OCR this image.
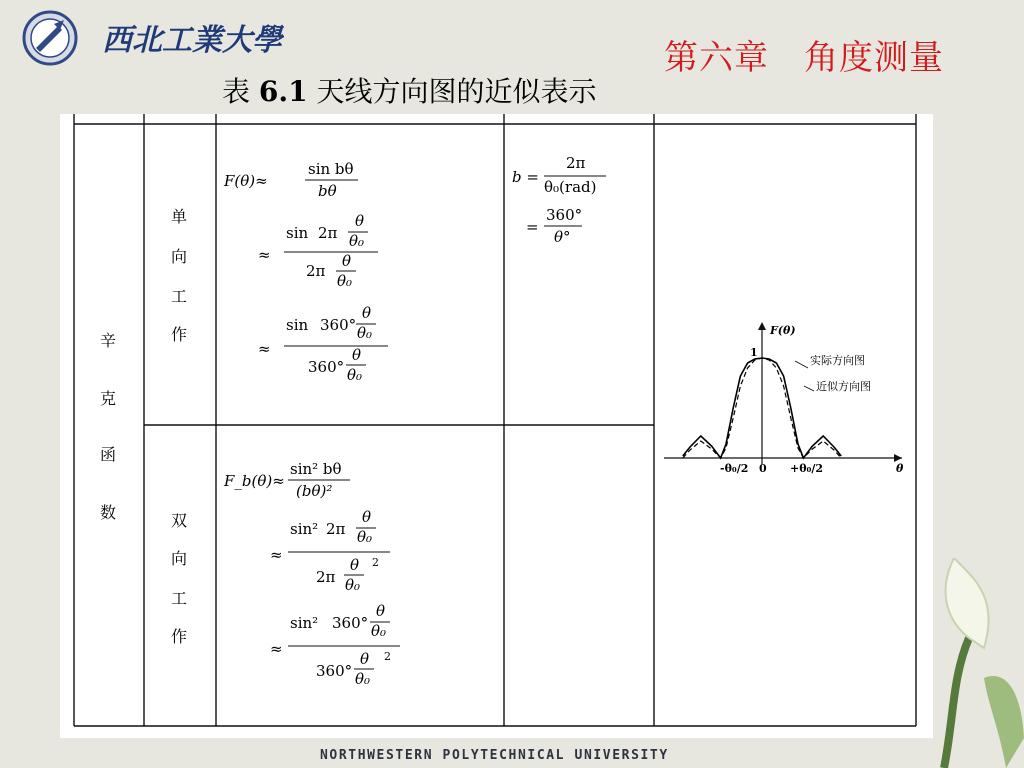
西北工業大學	第六章　角度测量
表 6.1 天线方向图的近似表示
辛
克
函
数
单
向
工
作
双
向
工
作
F(θ)≈
sin bθ
bθ
≈
sin 2π
θ
θ₀
2π
θ
θ₀
≈
sin 360°
θ
θ₀
360°
θ
θ₀
b =
2π
θ₀(rad)
=
360°
θ°
F_b(θ)≈
sin² bθ
(bθ)²
≈
sin² 2π
θ
θ₀
2π
θ
θ₀
2
≈
sin² 360°
θ
θ₀
360°
θ
θ₀
2
F(θ)
θ
1
-θ₀/2 0 +θ₀/2
实际方向图
近似方向图
NORTHWESTERN POLYTECHNICAL UNIVERSITY
